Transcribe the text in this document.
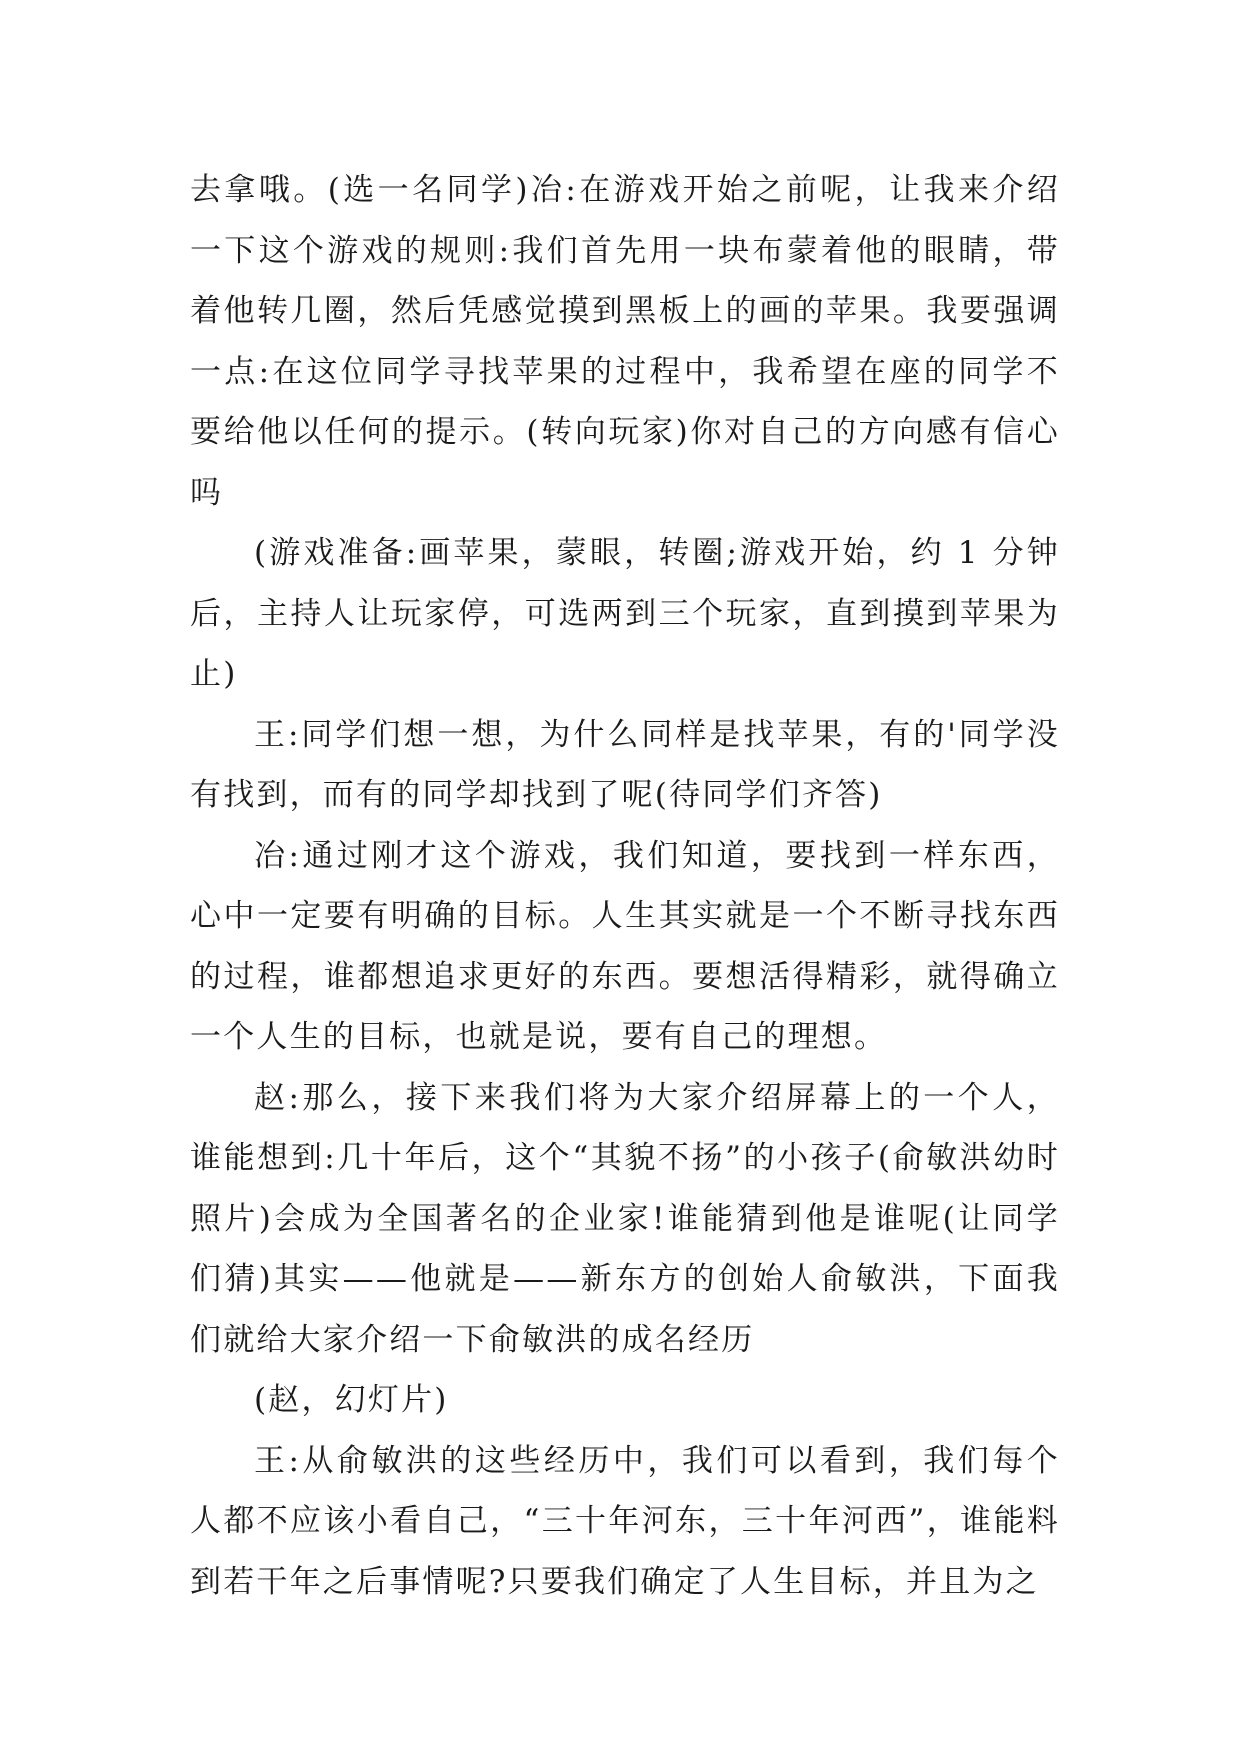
去拿哦。(选一名同学)冶:在游戏开始之前呢，让我来介绍一下这个游戏的规则:我们首先用一块布蒙着他的眼睛，带着他转几圈，然后凭感觉摸到黑板上的画的苹果。我要强调一点:在这位同学寻找苹果的过程中，我希望在座的同学不要给他以任何的提示。(转向玩家)你对自己的方向感有信心吗

(游戏准备:画苹果，蒙眼，转圈;游戏开始，约 1 分钟后，主持人让玩家停，可选两到三个玩家，直到摸到苹果为止)

王:同学们想一想，为什么同样是找苹果，有的'同学没有找到，而有的同学却找到了呢(待同学们齐答)

冶:通过刚才这个游戏，我们知道，要找到一样东西，心中一定要有明确的目标。人生其实就是一个不断寻找东西的过程，谁都想追求更好的东西。要想活得精彩，就得确立一个人生的目标，也就是说，要有自己的理想。

赵:那么，接下来我们将为大家介绍屏幕上的一个人，谁能想到:几十年后，这个“其貌不扬”的小孩子(俞敏洪幼时照片)会成为全国著名的企业家!谁能猜到他是谁呢(让同学们猜)其实——他就是——新东方的创始人俞敏洪，下面我们就给大家介绍一下俞敏洪的成名经历

(赵，幻灯片)

王:从俞敏洪的这些经历中，我们可以看到，我们每个人都不应该小看自己，“三十年河东，三十年河西”，谁能料到若干年之后事情呢?只要我们确定了人生目标，并且为之
